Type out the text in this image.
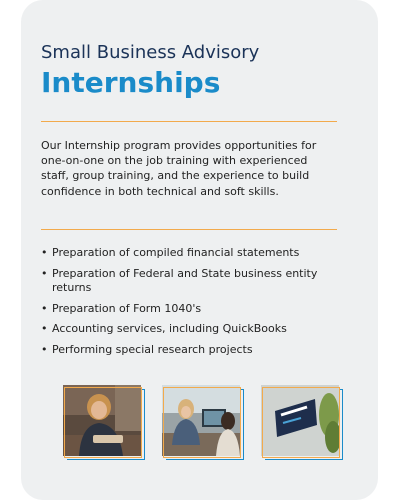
Small Business Advisory
Internships

Our Internship program provides opportunities for one-on-one on the job training with experienced staff, group training, and the experience to build confidence in both technical and soft skills.

• Preparation of compiled financial statements
• Preparation of Federal and State business entity returns
• Preparation of Form 1040's
• Accounting services, including QuickBooks
• Performing special research projects
